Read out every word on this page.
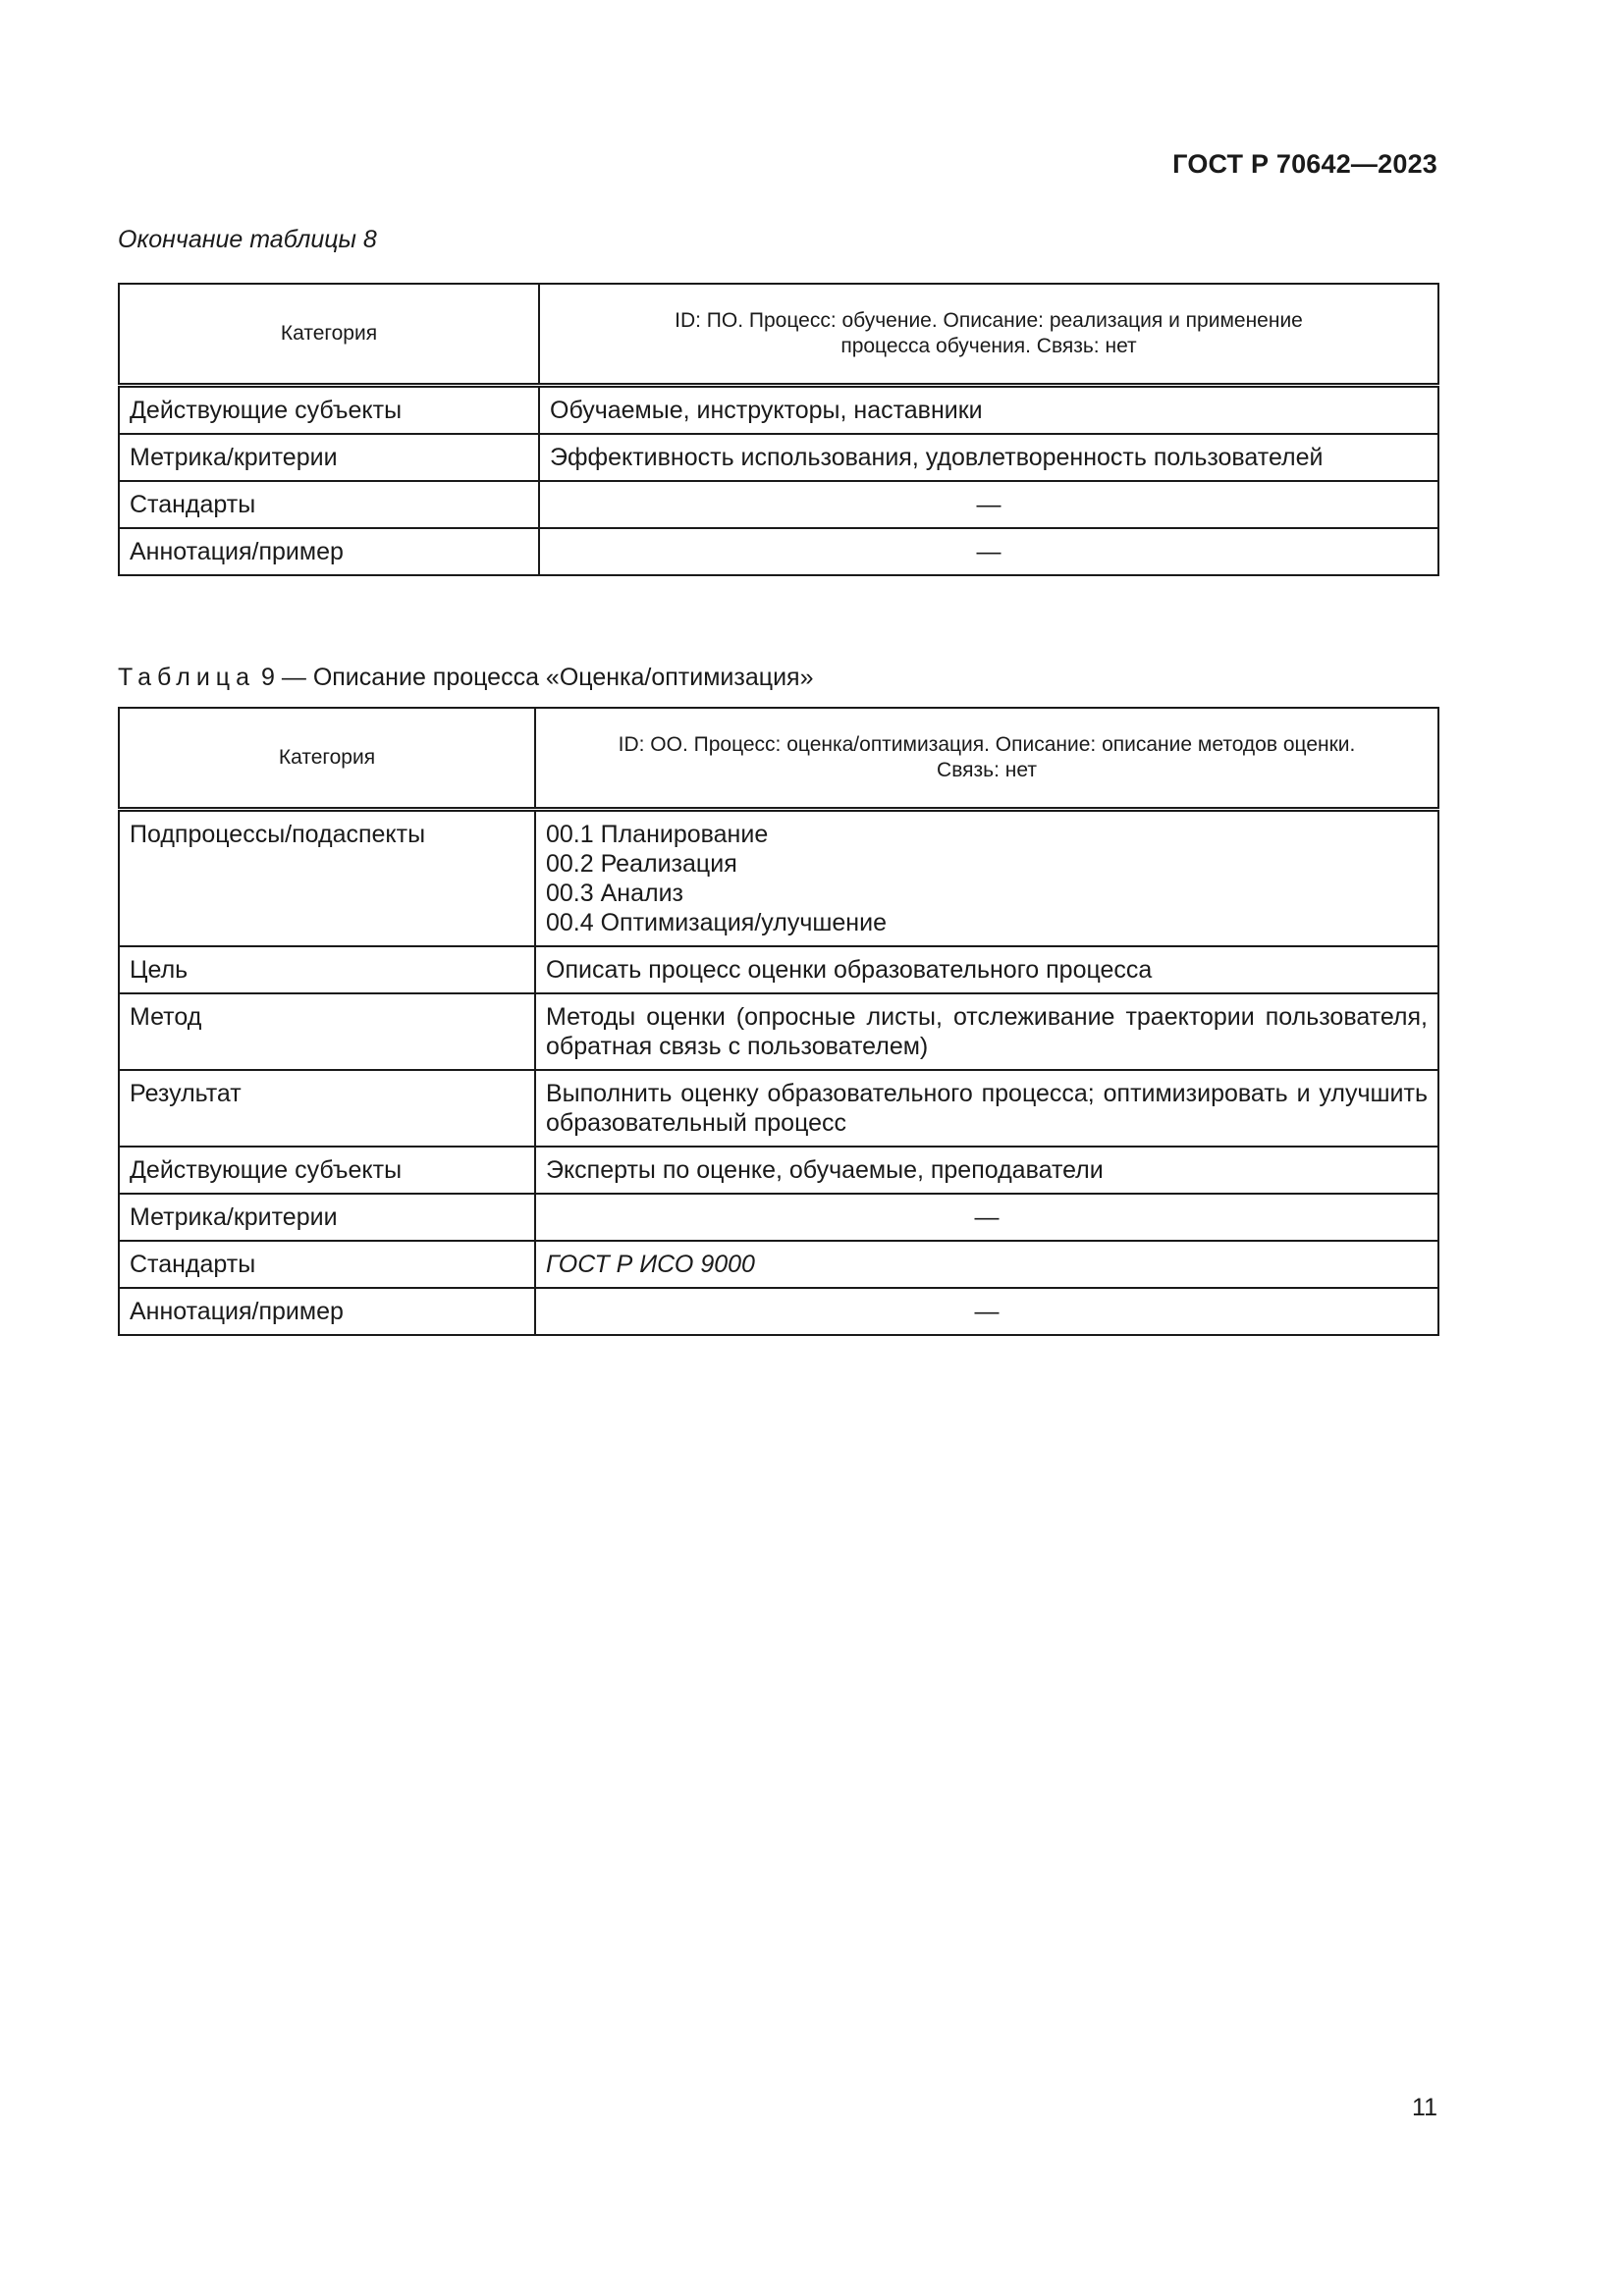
ГОСТ Р 70642—2023
Окончание таблицы 8
Категория	ID: ПО. Процесс: обучение. Описание: реализация и применение
процесса обучения. Связь: нет

Действующие субъекты	Обучаемые, инструкторы, наставники
Метрика/критерии	Эффективность использования, удовлетворенность пользователей
Стандарты	—
Аннотация/пример	—
Таблица 9 — Описание процесса «Оценка/оптимизация»
Категория	ID: ОО. Процесс: оценка/оптимизация. Описание: описание методов оценки.
Связь: нет

Подпроцессы/подаспекты	00.1 Планирование
00.2 Реализация
00.3 Анализ
00.4 Оптимизация/улучшение

Цель	Описать процесс оценки образовательного процесса
Метод	Методы оценки (опросные листы, отслеживание траектории пользователя, обратная связь с пользователем)
Результат	Выполнить оценку образовательного процесса; оптимизировать и улучшить образовательный процесс
Действующие субъекты	Эксперты по оценке, обучаемые, преподаватели
Метрика/критерии	—
Стандарты	ГОСТ Р ИСО 9000
Аннотация/пример	—
11
